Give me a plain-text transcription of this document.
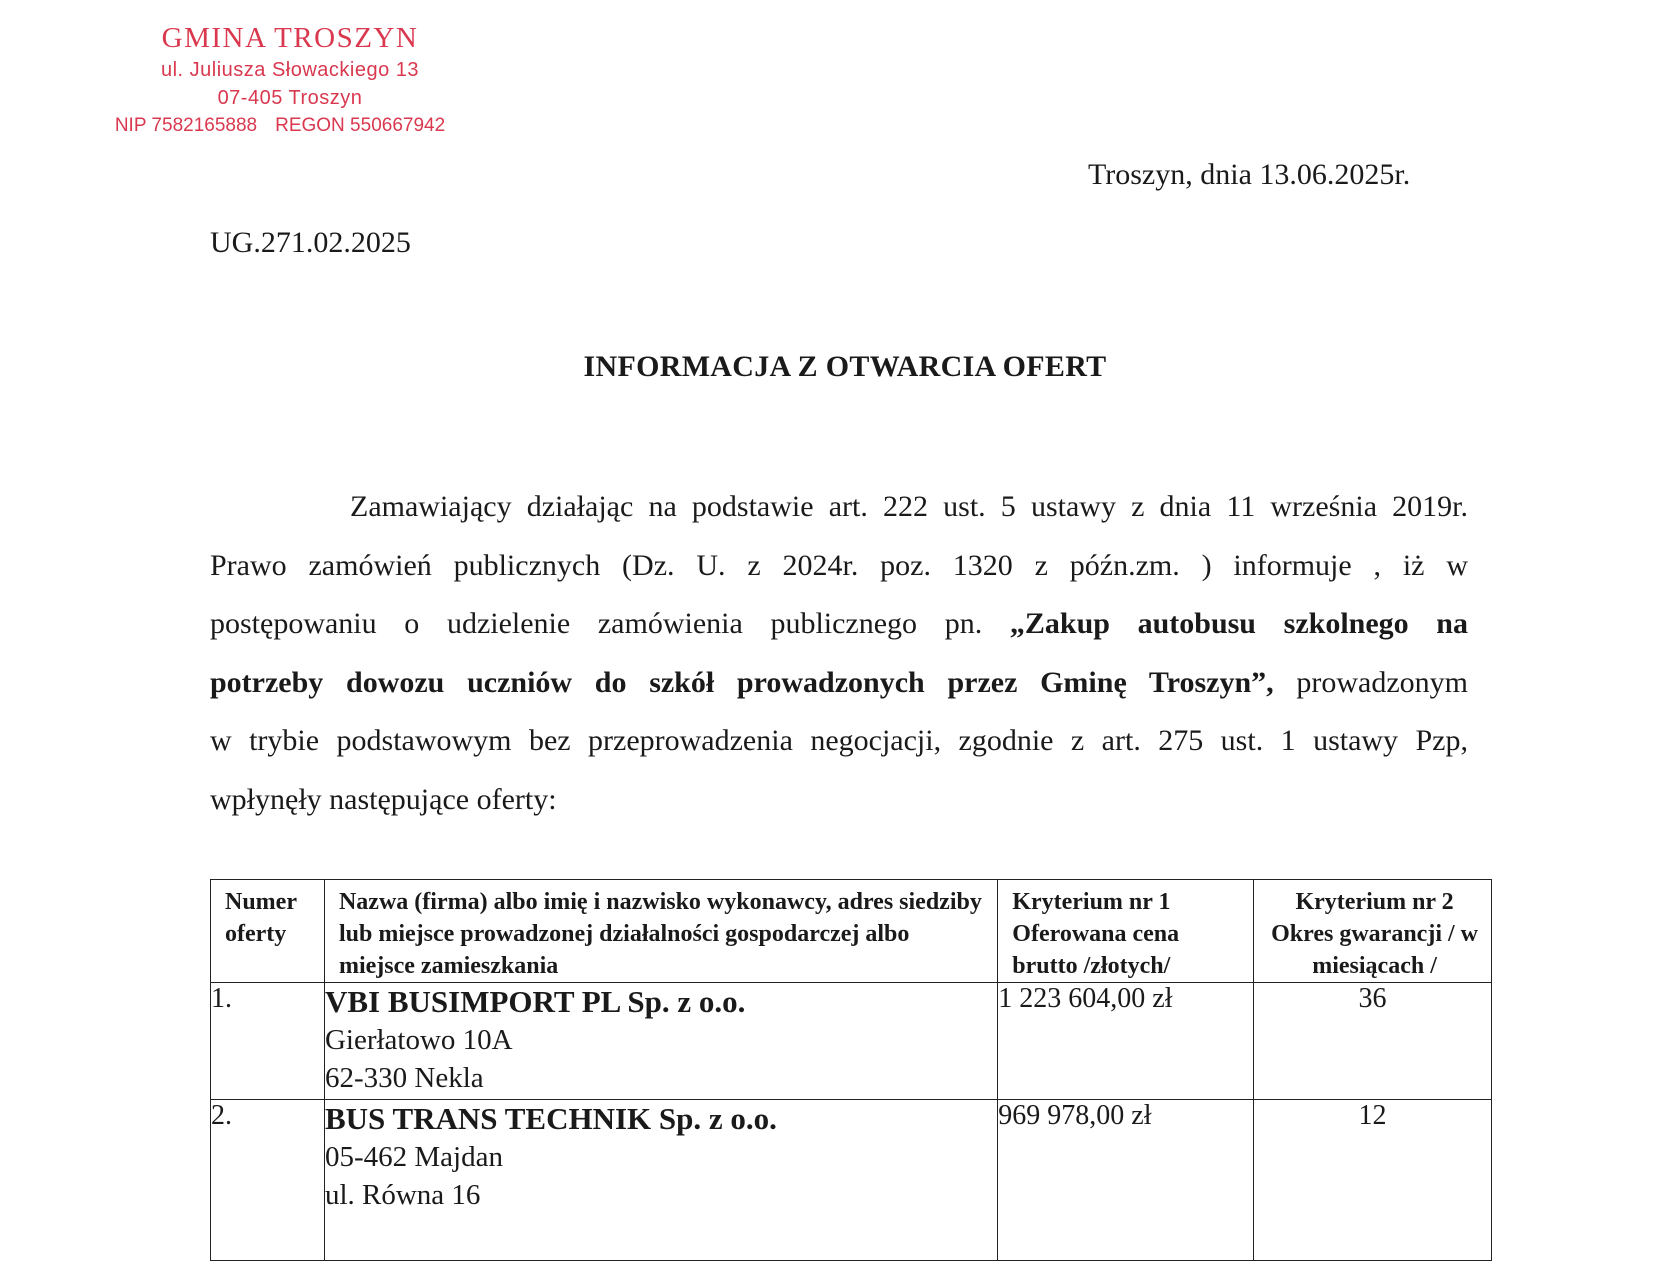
GMINA TROSZYN
ul. Juliusza Słowackiego 13
07-405 Troszyn
NIP 7582165888 REGON 550667942
Troszyn, dnia 13.06.2025r.
UG.271.02.2025
INFORMACJA Z OTWARCIA OFERT
Zamawiający działając na podstawie art. 222 ust. 5 ustawy z dnia 11 września 2019r.
Prawo zamówień publicznych (Dz. U. z 2024r. poz. 1320 z późn.zm. ) informuje , iż w
postępowaniu o udzielenie zamówienia publicznego pn. „Zakup autobusu szkolnego na
potrzeby dowozu uczniów do szkół prowadzonych przez Gminę Troszyn”, prowadzonym
w trybie podstawowym bez przeprowadzenia negocjacji, zgodnie z art. 275 ust. 1 ustawy Pzp,
wpłynęły następujące oferty:
Numer oferty	Nazwa (firma) albo imię i nazwisko wykonawcy, adres siedziby lub miejsce prowadzonej działalności gospodarczej albo miejsce zamieszkania	Kryterium nr 1 Oferowana cena brutto /złotych/	Kryterium nr 2 Okres gwarancji / w miesiącach /
1.	VBI BUSIMPORT PL Sp. z o.o.
Gierłatowo 10A
62-330 Nekla	1 223 604,00 zł	36
2.	BUS TRANS TECHNIK Sp. z o.o.
05-462 Majdan
ul. Równa 16	969 978,00 zł	12
